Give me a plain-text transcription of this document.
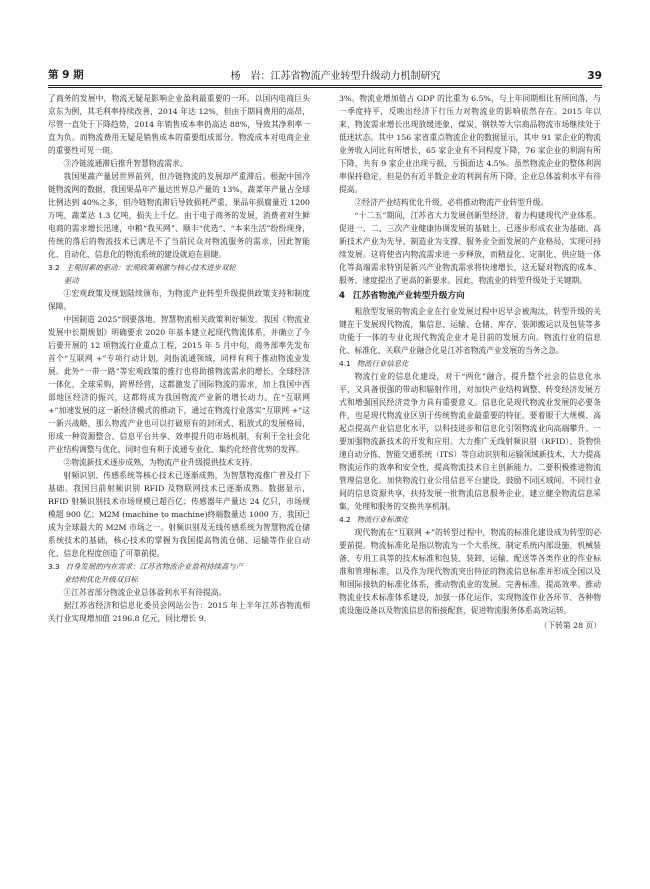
第 9 期	杨　岩：江苏省物流产业转型升级动力机制研究	39

了商务的发展中，物流无疑是影响企业盈利最重要的一环。以国内电商巨头京东为例，其毛利率持续改善，2014 年达 12%，但由于期间费用的高昂，尽管一直处于下降趋势，2014 年销售成本率仍高达 88%，导致其净利率一直为负。而物流费用无疑是销售成本的重要组成部分。物流成本对电商企业的重要性可见一斑。

③冷链流通滞后推升智慧物流需求。

我国果蔬产量居世界前列，但冷链物流的发展却严重滞后。根据中国冷链物流网的数据，我国果品年产量达世界总产量的 13%，蔬菜年产量占全球比例达到 40%之多，但冷链物流滞后导致损耗严重，果品年损腐量近 1200 万吨，蔬菜达 1.3 亿吨，损失上千亿。由于电子商务的发展，消费者对生鲜电商的需求增长迅速，中粮“我买网”、顺丰“优选”、“本来生活”纷纷现身，传统的落后的物流技术已满足不了当前民众对物流服务的需求，因此智能化、自动化、信息化的物流系统的建设就迫在眉睫。

3.2 主观因素的驱动：宏观政策刺激与核心技术进步双轮
驱动

①宏观政策及规划陆续颁布，为物流产业转型升级提供政策支持和制度保障。

中国制造 2025”纲要落地，智慧物流相关政策利好频发。我国《物流业发展中长期规划》明确要求 2020 年基本建立起现代物流体系，并确立了今后要开展的 12 项物流行业重点工程，2015 年 5 月中旬，商务部率先发布首个“互联网 +”专项行动计划，剑指流通领域，同样有利于推动物流业发展。此外“一带一路”等宏观政策的推行也将助推物流需求的增长。全球经济一体化，全球采购，跨界经营，这都激发了国际物流的需求，加上我国中西部地区经济的振兴，这都将成为我国物流产业新的增长动力。在“互联网 +”加速发展的这一新经济模式的推动下，通过在物流行业落实“互联网 +”这一新兴战略，那么物流产业也可以打破原有的封闭式、粗放式的发展格局，形成一种资源整合、信息平台共享、效率提升的市场机制，有利于全社会化产业结构调整与优化，同时也有利于流通专业化、集约化经营优势的发挥。

②物流新技术逐步成熟，为物流产业升级提供技术支持。

射频识别、传感系统等核心技术已逐渐成熟，为智慧物流推广普及打下基础。我国目前射频识别 RFID 及物联网技术已逐渐成熟。数据显示，RFID 射频识别技术市场规模已超百亿；传感器年产量达 24 亿只，市场规模超 900 亿；M2M (machine to machine)终端数量达 1000 万，我国已成为全球最大的 M2M 市场之一。射频识别及无线传感系统为智慧物流仓储系统技术的基础，核心技术的掌握为我国提高物流仓储、运输等作业自动化、信息化程度创造了可靠前提。

3.3 自身发展的内在需求：江苏省物流企业盈利持续高与产
业结构优化升级双目标

①江苏省部分物流企业总体盈利水平有待提高。

据江苏省经济和信息化委员会网站公告：2015 年上半年江苏省物流相关行业实现增加值 2196.8 亿元，同比增长 9.

3%。物流业增加值占 GDP 的比重为 6.5%，与上年同期相比有所回落，与一季度持平，反映出经济下行压力对物流业的影响依然存在。2015 年以来，物流需求增长出现放缓迹象，煤炭、钢铁等大宗商品物流市场继续处于低迷状态。其中 156 家省重点物流企业的数据显示，其中 91 家企业的物流业务收入同比有所增长，65 家企业有不同程度下降，76 家企业的利润有所下降，共有 9 家企业出现亏损，亏损面达 4.5%。虽然物流企业的整体利润率保持稳定，但是仍有近半数企业的利润有所下降，企业总体盈利水平有待提高。

②经济产业结构优化升级，必将推动物流产业转型升级。

“十二五”期间，江苏省大力发展创新型经济，着力构建现代产业体系。促进一、二、三次产业健康协调发展的基础上，已逐步形成农业为基础、高新技术产业为先导、制造业为支撑、服务业全面发展的产业格局，实现可持续发展。这将使省内物流需求进一步释放，而精益化、定制化、供应链一体化等高端需求特别是新兴产业物流需求将快速增长，这无疑对物流的成本、服务、速度提出了更高的新要求。因此，物流业的转型升级处于关键期。

4 江苏省物流产业转型升级方向

粗放型发展的物流企业在行业发展过程中迟早会被淘汰，转型升级的关键在于发展现代物流，集信息、运输、仓储、库存、装卸搬运以及包装等多功能于一体的专业化现代物流企业才是目前的发展方向。物流行业的信息化、标准化、关联产业融合化是江苏省物流产业发展的当务之急。

4.1 物流行业信息化

物流行业的信息化建设，对于“两化”融合，提升整个社会的信息化水平，又具备很强的带动和辐射作用，对加快产业结构调整、转变经济发展方式和增强国民经济竞争力具有重要意义。信息化是现代物流业发展的必要条件，也是现代物流业区别于传统物流业最重要的特征。要着眼于大规模、高起点提高产业信息化水平，以科技进步和信息化引领物流业向高端攀升。一要加强物流新技术的开发和应用。大力推广无线射频识别（RFID）、货物快速自动分拣、智能交通系统（ITS）等自动识别和运输领域新技术，大力提高物流运作的效率和安全性，提高物流技术自主创新能力。二要积极推进物流管理信息化。加快物流行业公用信息平台建设，鼓励不同区域间、不同行业间的信息资源共享，扶持发展一批物流信息服务企业，建立健全物流信息采集、处理和服务的交换共享机制。

4.2 物流行业标准化

现代物流在“互联网 +”的转型过程中，物流的标准化建设成为转型的必要前提。物流标准化是指以物流为一个大系统，制定系统内部设施、机械装备、专用工具等的技术标准和包装、装卸、运输、配送等各类作业的作业标准和管理标准，以及作为现代物流突出特征的物流信息标准并形成全国以及和国际接轨的标准化体系，推动物流业的发展。完善标准，提高效率。推动物流业技术标准体系建设，加强一体化运作，实现物流作业各环节、各种物流设施设备以及物流信息的衔接配套，促进物流服务体系高效运转。

（下转第 28 页）
